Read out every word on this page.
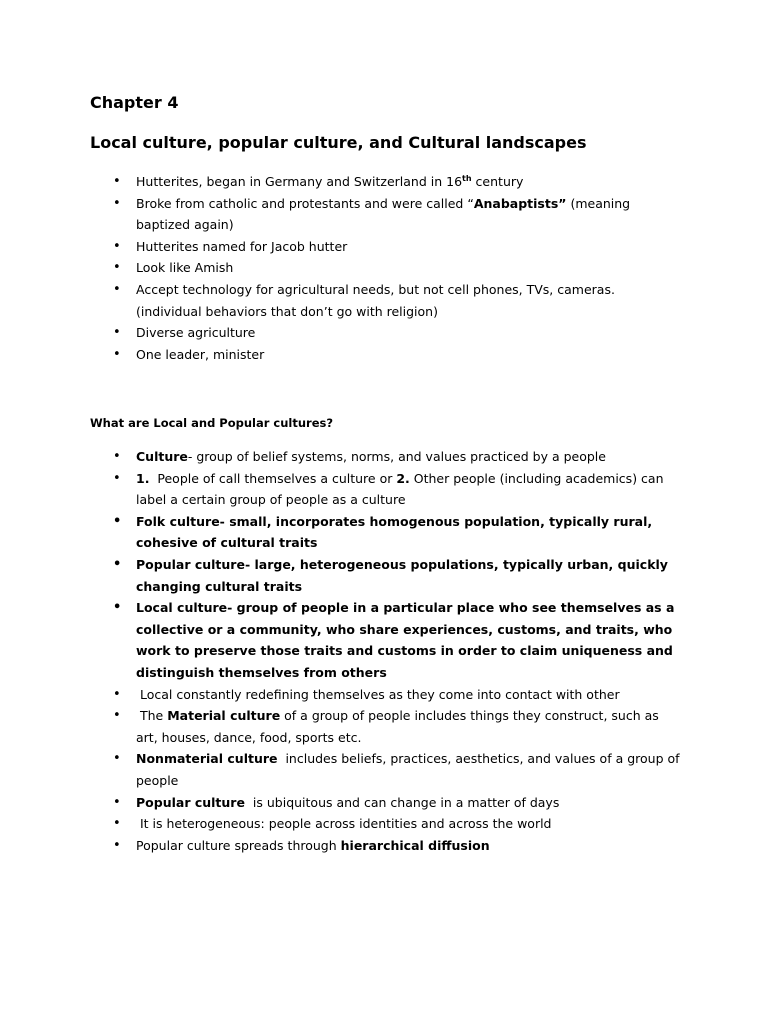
Chapter 4
Local culture, popular culture, and Cultural landscapes
• Hutterites, began in Germany and Switzerland in 16th century
• Broke from catholic and protestants and were called “Anabaptists” (meaning baptized again)
• Hutterites named for Jacob hutter
• Look like Amish
• Accept technology for agricultural needs, but not cell phones, TVs, cameras. (individual behaviors that don’t go with religion)
• Diverse agriculture
• One leader, minister
What are Local and Popular cultures?
• Culture- group of belief systems, norms, and values practiced by a people
• 1.  People of call themselves a culture or 2. Other people (including academics) can label a certain group of people as a culture
• Folk culture- small, incorporates homogenous population, typically rural, cohesive of cultural traits
• Popular culture- large, heterogeneous populations, typically urban, quickly changing cultural traits
• Local culture- group of people in a particular place who see themselves as a collective or a community, who share experiences, customs, and traits, who work to preserve those traits and customs in order to claim uniqueness and distinguish themselves from others
•  Local constantly redefining themselves as they come into contact with other
•  The Material culture of a group of people includes things they construct, such as art, houses, dance, food, sports etc.
• Nonmaterial culture  includes beliefs, practices, aesthetics, and values of a group of people
• Popular culture  is ubiquitous and can change in a matter of days
•  It is heterogeneous: people across identities and across the world
• Popular culture spreads through hierarchical diffusion
